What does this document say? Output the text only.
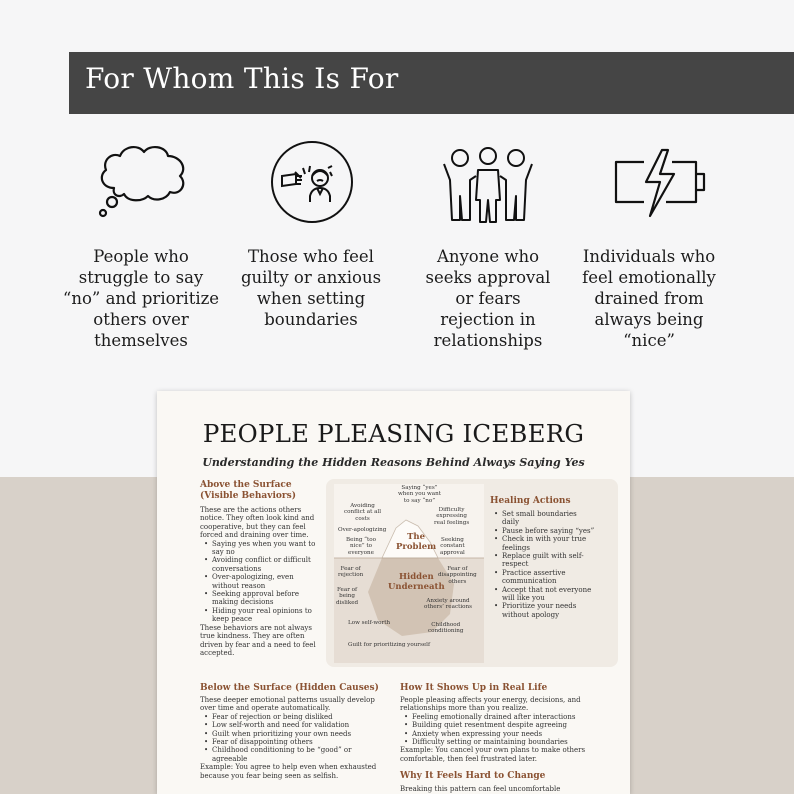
For Whom This Is For
People who
struggle to say
“no” and prioritize
others over
themselves
Those who feel
guilty or anxious
when setting
boundaries
Anyone who
seeks approval
or fears
rejection in
relationships
Individuals who
feel emotionally
drained from
always being
“nice”
PEOPLE PLEASING ICEBERG
Understanding the Hidden Reasons Behind Always Saying Yes
Above the Surface
(Visible Behaviors)
These are the actions others
notice. They often look kind and
cooperative, but they can feel
forced and draining over time.
• Saying yes when you want to
say no
• Avoiding conflict or difficult
conversations
• Over-apologizing, even
without reason
• Seeking approval before
making decisions
• Hiding your real opinions to
keep peace
These behaviors are not always
true kindness. They are often
driven by fear and a need to feel
accepted.
Saying “yes”
when you want
to say “no”
Avoiding
conflict at all
costs
Difficulty
expressing
real feelings
Over-apologizing
Being “too
nice” to
everyone
Seeking
constant
approval
The
Problem
Fear of
rejection
Fear of
disappointing
others
Hidden
Underneath
Fear of
being
disliked	Anxiety around
others’ reactions
Low self-worth	Childhood
conditioning
Guilt for prioritizing yourself
Healing Actions
• Set small boundaries
daily
• Pause before saying “yes”
• Check in with your true
feelings
• Replace guilt with self-
respect
• Practice assertive
communication
• Accept that not everyone
will like you
• Prioritize your needs
without apology
Below the Surface (Hidden Causes)
These deeper emotional patterns usually develop
over time and operate automatically.
• Fear of rejection or being disliked
• Low self-worth and need for validation
• Guilt when prioritizing your own needs
• Fear of disappointing others
• Childhood conditioning to be “good” or
agreeable
Example: You agree to help even when exhausted
because you fear being seen as selfish.
How It Shows Up in Real Life
People pleasing affects your energy, decisions, and
relationships more than you realize.
• Feeling emotionally drained after interactions
• Building quiet resentment despite agreeing
• Anxiety when expressing your needs
• Difficulty setting or maintaining boundaries
Example: You cancel your own plans to make others
comfortable, then feel frustrated later.
Why It Feels Hard to Change
Breaking this pattern can feel uncomfortable
